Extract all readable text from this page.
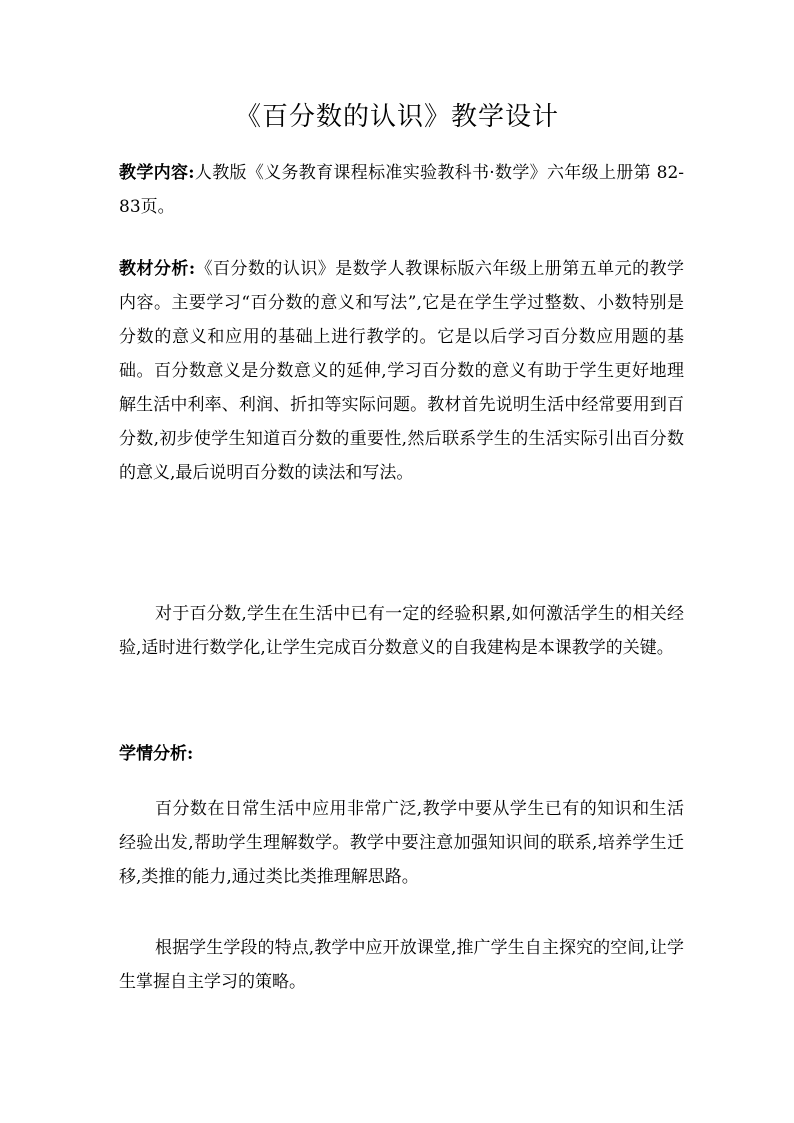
《百分数的认识》教学设计
教学内容:人教版《义务教育课程标准实验教科书·数学》六年级上册第 82-83页。
教材分析:《百分数的认识》是数学人教课标版六年级上册第五单元的教学内容。主要学习“百分数的意义和写法”,它是在学生学过整数、小数特别是分数的意义和应用的基础上进行教学的。它是以后学习百分数应用题的基础。百分数意义是分数意义的延伸,学习百分数的意义有助于学生更好地理解生活中利率、利润、折扣等实际问题。教材首先说明生活中经常要用到百分数,初步使学生知道百分数的重要性,然后联系学生的生活实际引出百分数的意义,最后说明百分数的读法和写法。
对于百分数,学生在生活中已有一定的经验积累,如何激活学生的相关经验,适时进行数学化,让学生完成百分数意义的自我建构是本课教学的关键。
学情分析:
百分数在日常生活中应用非常广泛,教学中要从学生已有的知识和生活经验出发,帮助学生理解数学。教学中要注意加强知识间的联系,培养学生迁移,类推的能力,通过类比类推理解思路。
根据学生学段的特点,教学中应开放课堂,推广学生自主探究的空间,让学生掌握自主学习的策略。
